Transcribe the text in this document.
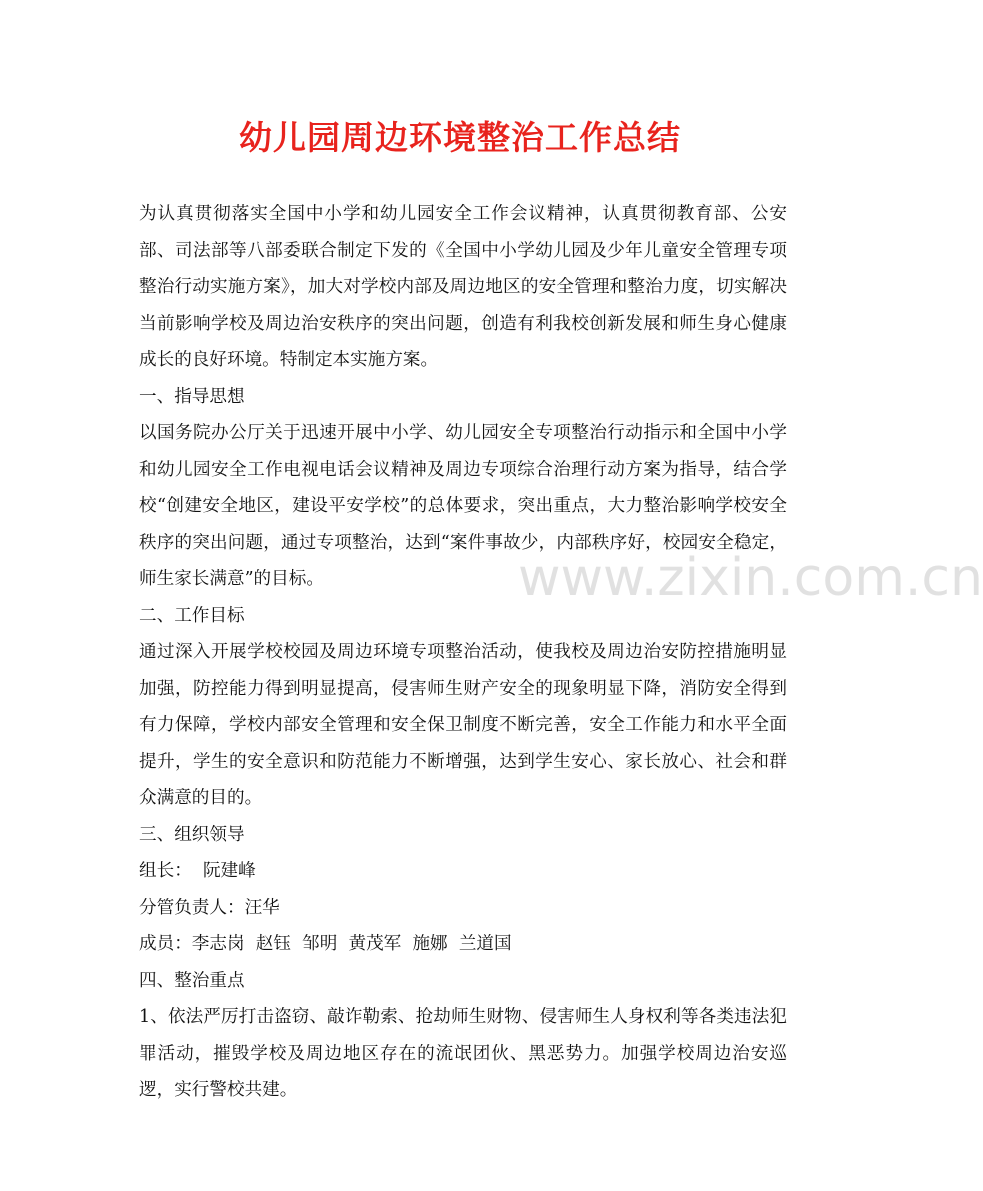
幼儿园周边环境整治工作总结

为认真贯彻落实全国中小学和幼儿园安全工作会议精神，认真贯彻教育部、公安部、司法部等八部委联合制定下发的《全国中小学幼儿园及少年儿童安全管理专项整治行动实施方案》，加大对学校内部及周边地区的安全管理和整治力度，切实解决当前影响学校及周边治安秩序的突出问题，创造有利我校创新发展和师生身心健康成长的良好环境。特制定本实施方案。

一、指导思想

以国务院办公厅关于迅速开展中小学、幼儿园安全专项整治行动指示和全国中小学和幼儿园安全工作电视电话会议精神及周边专项综合治理行动方案为指导，结合学校“创建安全地区，建设平安学校”的总体要求，突出重点，大力整治影响学校安全秩序的突出问题，通过专项整治，达到“案件事故少，内部秩序好，校园安全稳定，师生家长满意”的目标。

二、工作目标

通过深入开展学校校园及周边环境专项整治活动，使我校及周边治安防控措施明显加强，防控能力得到明显提高，侵害师生财产安全的现象明显下降，消防安全得到有力保障，学校内部安全管理和安全保卫制度不断完善，安全工作能力和水平全面提升，学生的安全意识和防范能力不断增强，达到学生安心、家长放心、社会和群众满意的目的。

三、组织领导

组长：  阮建峰

分管负责人：汪华

成员：李志岗  赵钰  邹明  黄茂军  施娜  兰道国

四、整治重点

1、依法严厉打击盗窃、敲诈勒索、抢劫师生财物、侵害师生人身权利等各类违法犯罪活动，摧毁学校及周边地区存在的流氓团伙、黑恶势力。加强学校周边治安巡逻，实行警校共建。

www.zixin.com.cn
